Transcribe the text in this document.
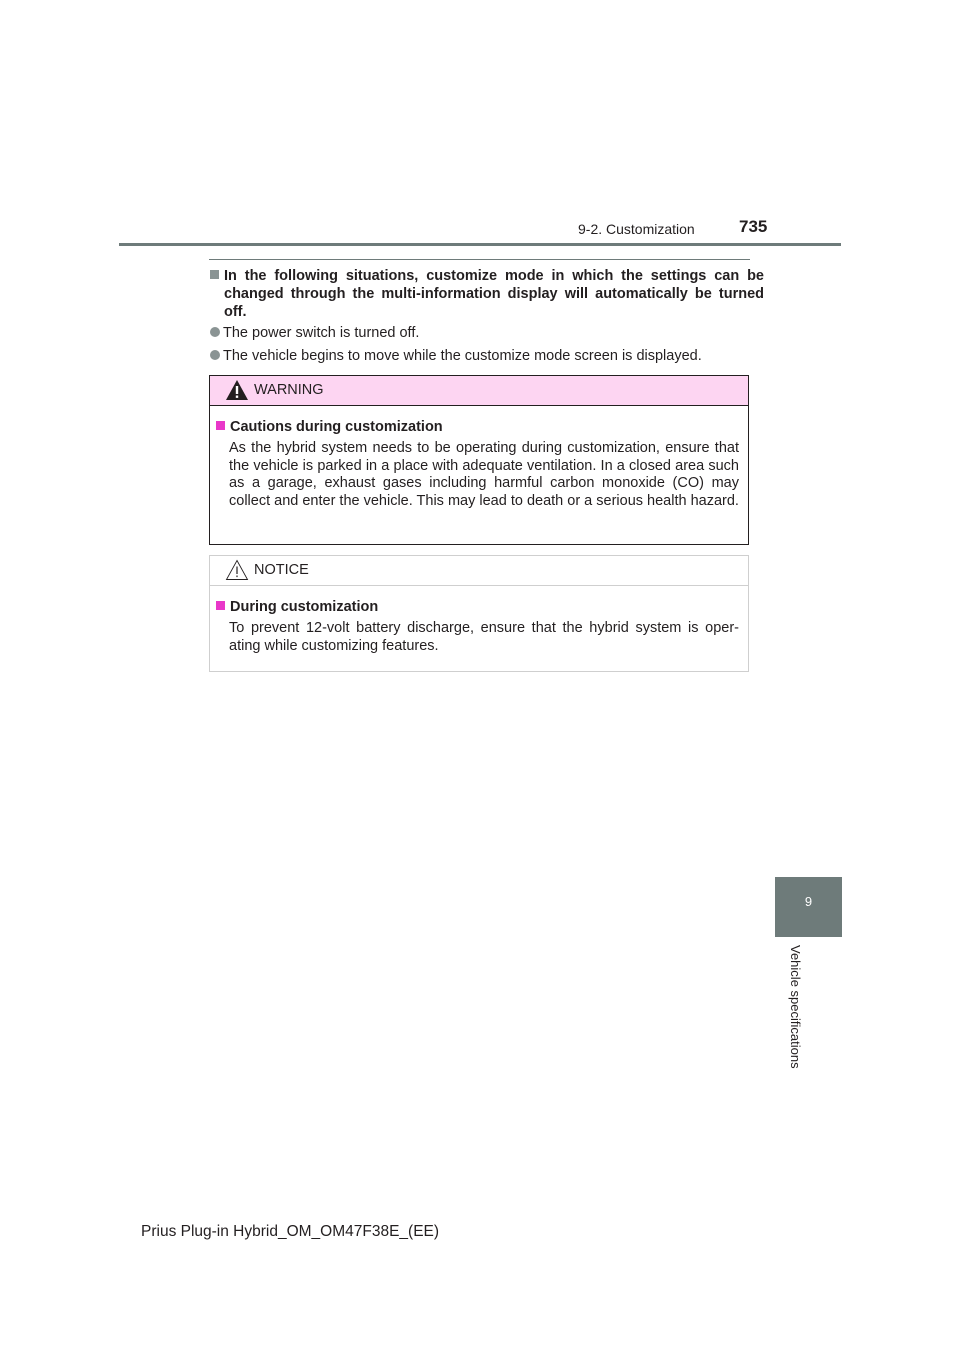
9-2. Customization	735
In the following situations, customize mode in which the settings can be changed through the multi-information display will automatically be turned off.
The power switch is turned off.
The vehicle begins to move while the customize mode screen is displayed.
WARNING
Cautions during customization
As the hybrid system needs to be operating during customization, ensure that the vehicle is parked in a place with adequate ventilation. In a closed area such as a garage, exhaust gases including harmful carbon monoxide (CO) may collect and enter the vehicle. This may lead to death or a serious health hazard.
NOTICE
During customization
To prevent 12-volt battery discharge, ensure that the hybrid system is oper-ating while customizing features.
9
Vehicle specifications
Prius Plug-in Hybrid_OM_OM47F38E_(EE)
